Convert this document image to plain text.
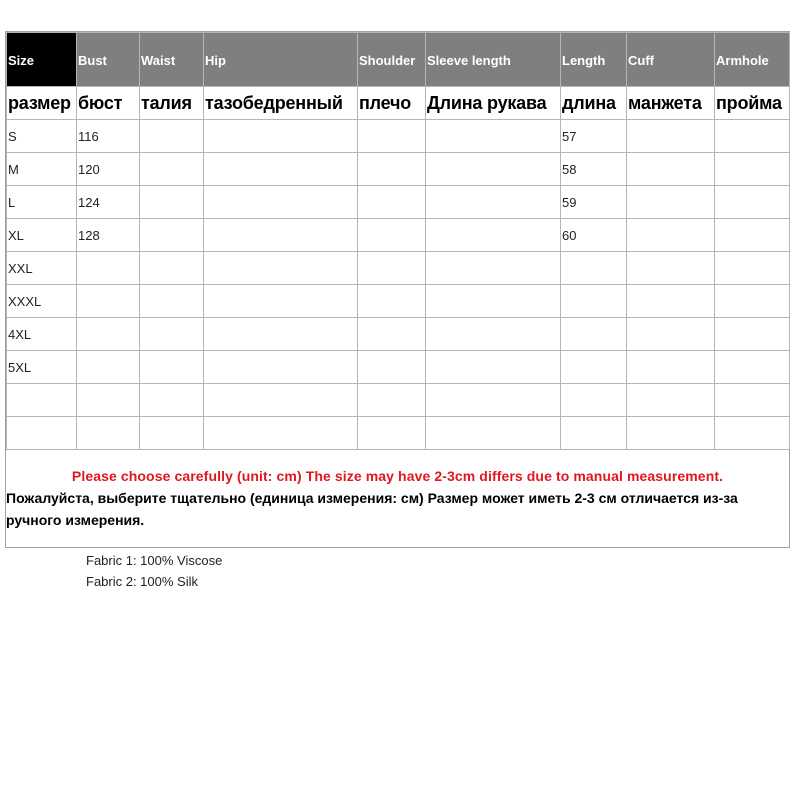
Size	Bust	Waist	Hip	Shoulder	Sleeve length	Length	Cuff	Armhole
размер	бюст	талия	тазобедренный	плечо	Длина рукава	длина	манжета	пройма
S	116					57		
M	120					58		
L	124					59		
XL	128					60		
XXL								
XXXL								
4XL								
5XL								

Please choose carefully (unit: cm) The size may have 2-3cm differs due to manual measurement.
Пожалуйста, выберите тщательно (единица измерения: см) Размер может иметь 2-3 см отличается из-за ручного измерения.
Fabric 1: 100% Viscose
Fabric 2: 100% Silk
